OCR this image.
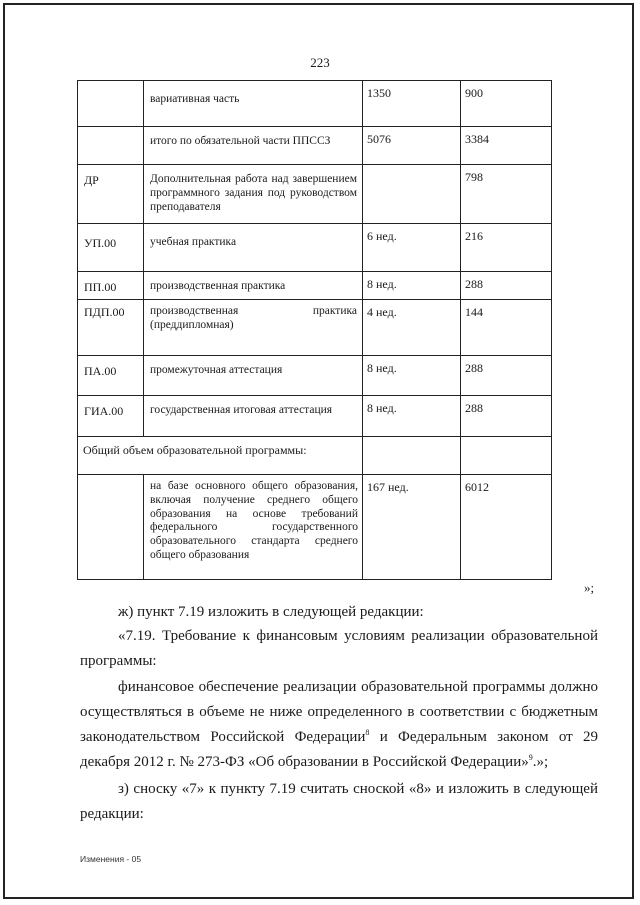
223

	вариативная часть	1350	900

	итого по обязательной части ППССЗ	5076	3384

ДР	Дополнительная работа над завершением программного задания под руководством преподавателя		798

УП.00	учебная практика	6 нед.	216

ПП.00	производственная практика	8 нед.	288

ПДП.00	производственная практика (преддипломная)	4 нед.	144

ПА.00	промежуточная аттестация	8 нед.	288

ГИА.00	государственная итоговая аттестация	8 нед.	288

Общий объем образовательной программы:			

	на базе основного общего образования, включая получение среднего общего образования на основе требований федерального государственного образовательного стандарта среднего общего образования	167 нед.	6012
»;

ж) пункт 7.19 изложить в следующей редакции:

«7.19. Требование к финансовым условиям реализации образовательной программы:

финансовое обеспечение реализации образовательной программы должно осуществляться в объеме не ниже определенного в соответствии с бюджетным законодательством Российской Федерации$^8$ и Федеральным законом от 29 декабря 2012 г. № 273-ФЗ «Об образовании в Российской Федерации»$^9$.»;

з) сноску «7» к пункту 7.19 считать сноской «8» и изложить в следующей редакции:

Изменения - 05
